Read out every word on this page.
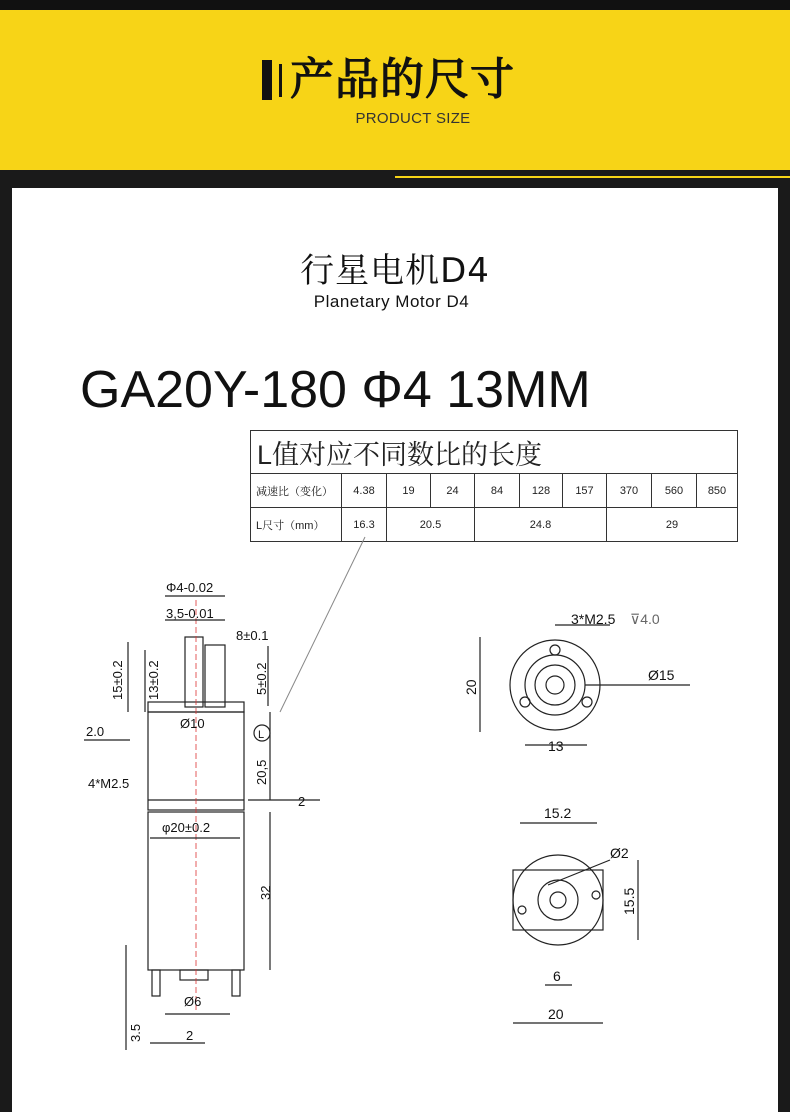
产品的尺寸
PRODUCT SIZE
行星电机D4
Planetary Motor D4
GA20Y-180 Φ4 13MM
L值对应不同数比的长度									
减速比（变化）	4.38	19	24	84	128	157	370	560	850
L尺寸（mm）	16.3	20.5		24.8			29		
Φ4-0.02
3,5-0.01
8±0.1
15±0.2 13±0.2	5±0.2
2.0
Ø10
L
20,5
4*M2.5
2
φ20±0.2
32
Ø6
3.5	2
3*M2.5 ⊽4.0
Ø15
20
13
15.2
Ø2
15.5
6
20
